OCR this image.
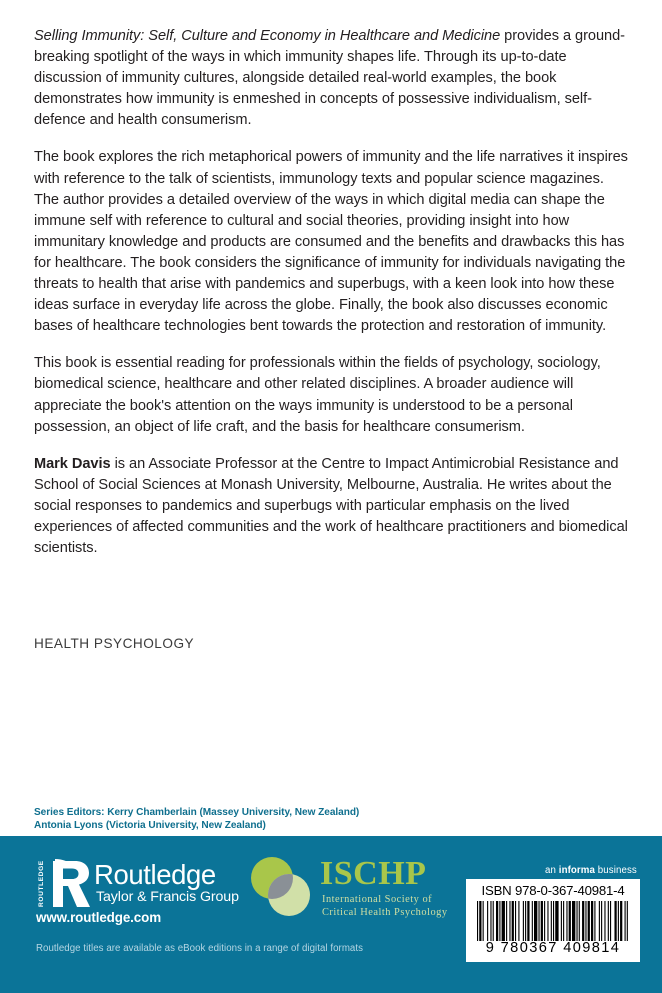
Selling Immunity: Self, Culture and Economy in Healthcare and Medicine provides a ground-breaking spotlight of the ways in which immunity shapes life. Through its up-to-date discussion of immunity cultures, alongside detailed real-world examples, the book demonstrates how immunity is enmeshed in concepts of possessive individualism, self-defence and health consumerism.

The book explores the rich metaphorical powers of immunity and the life narratives it inspires with reference to the talk of scientists, immunology texts and popular science magazines. The author provides a detailed overview of the ways in which digital media can shape the immune self with reference to cultural and social theories, providing insight into how immunitary knowledge and products are consumed and the benefits and drawbacks this has for healthcare. The book considers the significance of immunity for individuals navigating the threats to health that arise with pandemics and superbugs, with a keen look into how these ideas surface in everyday life across the globe. Finally, the book also discusses economic bases of healthcare technologies bent towards the protection and restoration of immunity.

This book is essential reading for professionals within the fields of psychology, sociology, biomedical science, healthcare and other related disciplines. A broader audience will appreciate the book's attention on the ways immunity is understood to be a personal possession, an object of life craft, and the basis for healthcare consumerism.

Mark Davis is an Associate Professor at the Centre to Impact Antimicrobial Resistance and School of Social Sciences at Monash University, Melbourne, Australia. He writes about the social responses to pandemics and superbugs with particular emphasis on the lived experiences of affected communities and the work of healthcare practitioners and biomedical scientists.

HEALTH PSYCHOLOGY
Series Editors: Kerry Chamberlain (Massey University, New Zealand)
Antonia Lyons (Victoria University, New Zealand)
ROUTLEDGE Routledge
Taylor & Francis Group
www.routledge.com
Routledge titles are available as eBook editions in a range of digital formats
ISCHP
International Society of
Critical Health Psychology
an informa business
ISBN 978-0-367-40981-4
9 780367 409814
